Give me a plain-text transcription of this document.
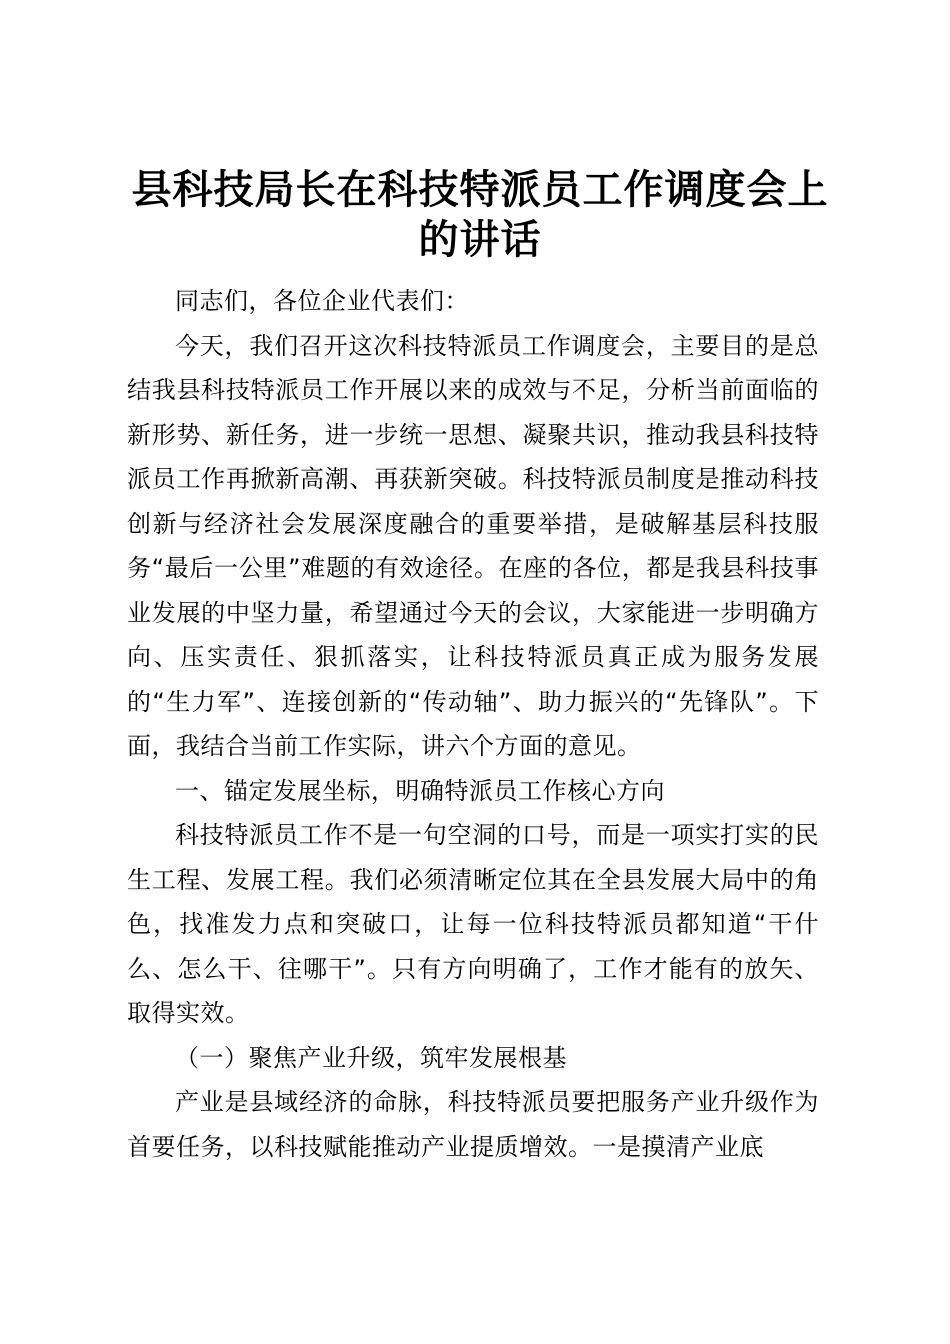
县科技局长在科技特派员工作调度会上的讲话

同志们，各位企业代表们：

今天，我们召开这次科技特派员工作调度会，主要目的是总结我县科技特派员工作开展以来的成效与不足，分析当前面临的新形势、新任务，进一步统一思想、凝聚共识，推动我县科技特派员工作再掀新高潮、再获新突破。科技特派员制度是推动科技创新与经济社会发展深度融合的重要举措，是破解基层科技服务“最后一公里”难题的有效途径。在座的各位，都是我县科技事业发展的中坚力量，希望通过今天的会议，大家能进一步明确方向、压实责任、狠抓落实，让科技特派员真正成为服务发展的“生力军”、连接创新的“传动轴”、助力振兴的“先锋队”。下面，我结合当前工作实际，讲六个方面的意见。

一、锚定发展坐标，明确特派员工作核心方向

科技特派员工作不是一句空洞的口号，而是一项实打实的民生工程、发展工程。我们必须清晰定位其在全县发展大局中的角色，找准发力点和突破口，让每一位科技特派员都知道“干什么、怎么干、往哪干”。只有方向明确了，工作才能有的放矢、取得实效。

（一）聚焦产业升级，筑牢发展根基

产业是县域经济的命脉，科技特派员要把服务产业升级作为首要任务，以科技赋能推动产业提质增效。一是摸清产业底
